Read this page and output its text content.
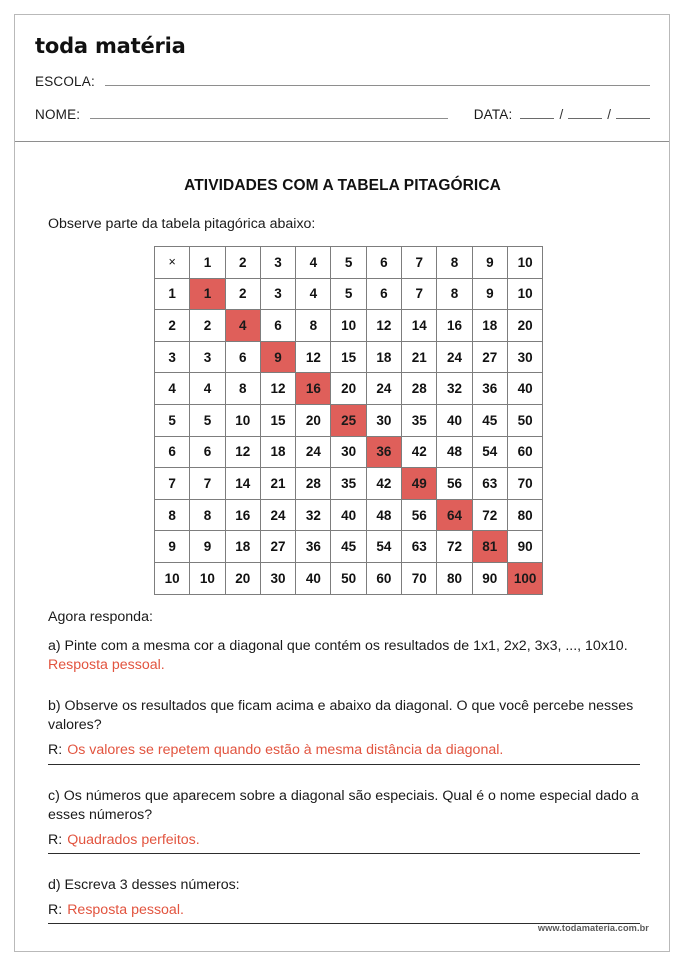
toda matéria
ESCOLA:
NOME:	DATA:	/	/
ATIVIDADES COM A TABELA PITAGÓRICA
Observe parte da tabela pitagórica abaixo:
×	1	2	3	4	5	6	7	8	9	10
1	1	2	3	4	5	6	7	8	9	10
2	2	4	6	8	10	12	14	16	18	20
3	3	6	9	12	15	18	21	24	27	30
4	4	8	12	16	20	24	28	32	36	40
5	5	10	15	20	25	30	35	40	45	50
6	6	12	18	24	30	36	42	48	54	60
7	7	14	21	28	35	42	49	56	63	70
8	8	16	24	32	40	48	56	64	72	80
9	9	18	27	36	45	54	63	72	81	90
10	10	20	30	40	50	60	70	80	90	100
Agora responda:
a) Pinte com a mesma cor a diagonal que contém os resultados de 1x1, 2x2, 3x3, ..., 10x10. Resposta pessoal.
b) Observe os resultados que ficam acima e abaixo da diagonal. O que você percebe nesses valores?
R: Os valores se repetem quando estão à mesma distância da diagonal.
c) Os números que aparecem sobre a diagonal são especiais. Qual é o nome especial dado a esses números?
R: Quadrados perfeitos.
d) Escreva 3 desses números:
R: Resposta pessoal.
www.todamateria.com.br
